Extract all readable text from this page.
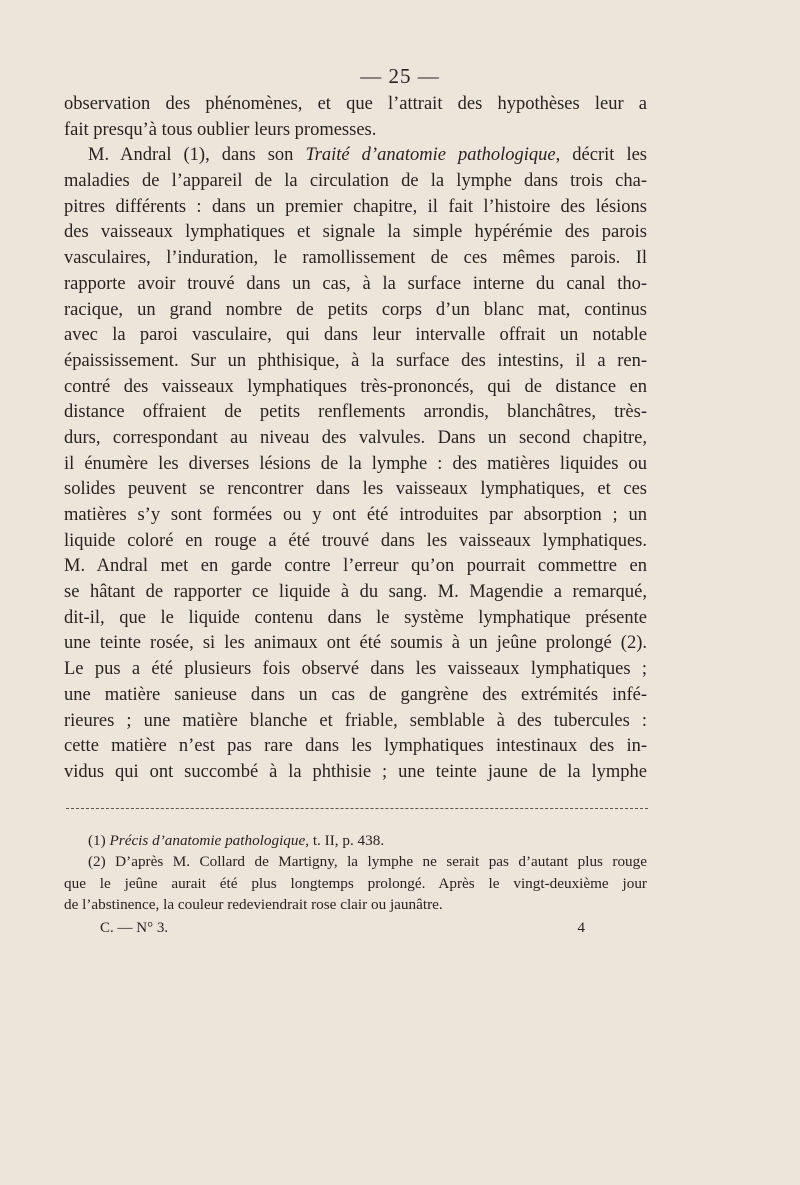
— 25 —
observation des phénomènes, et que l’attrait des hypothèses leur a
fait presqu’à tous oublier leurs promesses.
M. Andral (1), dans son Traité d’anatomie pathologique, décrit les
maladies de l’appareil de la circulation de la lymphe dans trois cha-
pitres différents : dans un premier chapitre, il fait l’histoire des lésions
des vaisseaux lymphatiques et signale la simple hypérémie des parois
vasculaires, l’induration, le ramollissement de ces mêmes parois. Il
rapporte avoir trouvé dans un cas, à la surface interne du canal tho-
racique, un grand nombre de petits corps d’un blanc mat, continus
avec la paroi vasculaire, qui dans leur intervalle offrait un notable
épaississement. Sur un phthisique, à la surface des intestins, il a ren-
contré des vaisseaux lymphatiques très-prononcés, qui de distance en
distance offraient de petits renflements arrondis, blanchâtres, très-
durs, correspondant au niveau des valvules. Dans un second chapitre,
il énumère les diverses lésions de la lymphe : des matières liquides ou
solides peuvent se rencontrer dans les vaisseaux lymphatiques, et ces
matières s’y sont formées ou y ont été introduites par absorption ; un
liquide coloré en rouge a été trouvé dans les vaisseaux lymphatiques.
M. Andral met en garde contre l’erreur qu’on pourrait commettre en
se hâtant de rapporter ce liquide à du sang. M. Magendie a remarqué,
dit-il, que le liquide contenu dans le système lymphatique présente
une teinte rosée, si les animaux ont été soumis à un jeûne prolongé (2).
Le pus a été plusieurs fois observé dans les vaisseaux lymphatiques ;
une matière sanieuse dans un cas de gangrène des extrémités infé-
rieures ; une matière blanche et friable, semblable à des tubercules :
cette matière n’est pas rare dans les lymphatiques intestinaux des in-
vidus qui ont succombé à la phthisie ; une teinte jaune de la lymphe
(1) Précis d’anatomie pathologique, t. II, p. 438.
(2) D’après M. Collard de Martigny, la lymphe ne serait pas d’autant plus rouge
que le jeûne aurait été plus longtemps prolongé. Après le vingt-deuxième jour
de l’abstinence, la couleur redeviendrait rose clair ou jaunâtre.
C. — N° 3.	4
